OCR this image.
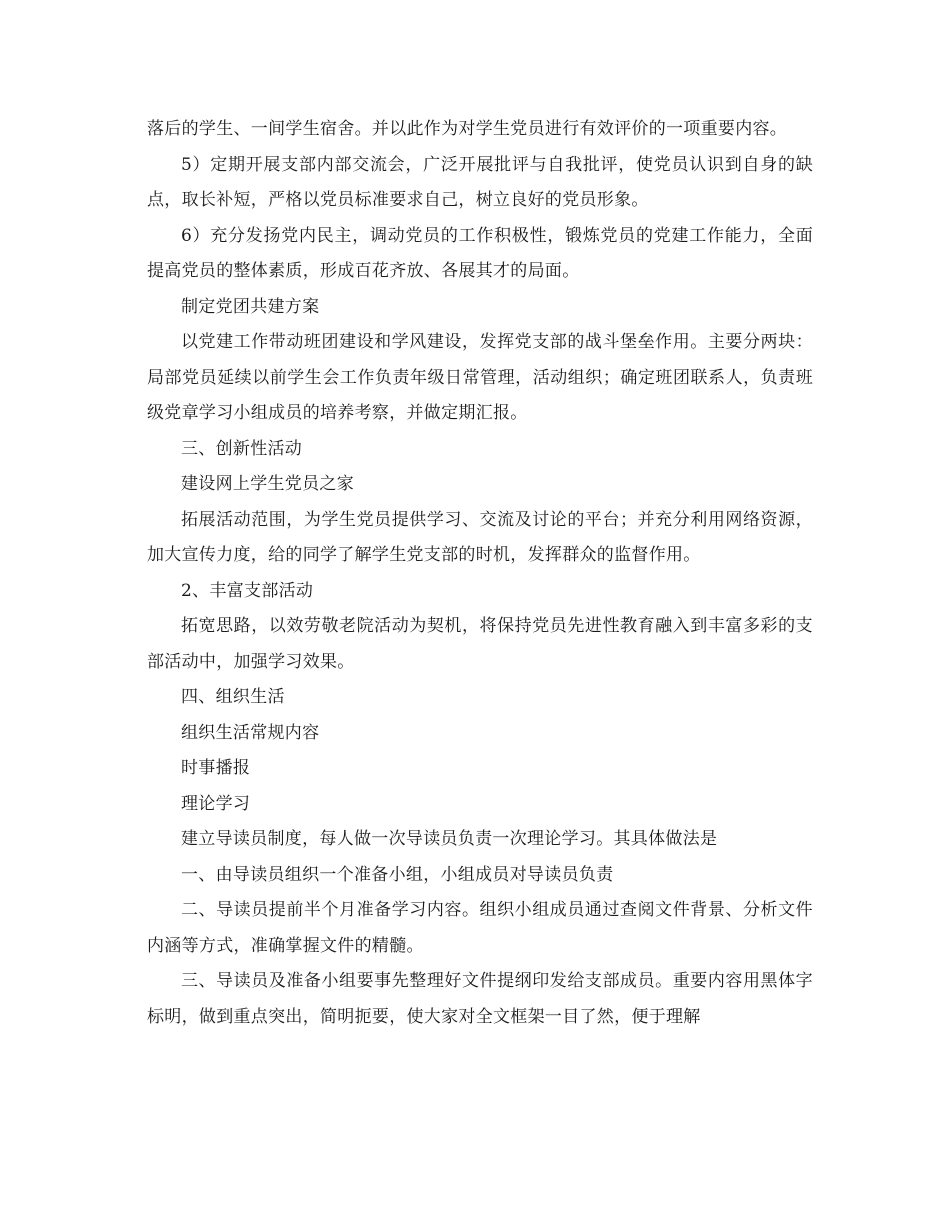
落后的学生、一间学生宿舍。并以此作为对学生党员进行有效评价的一项重要内容。

5）定期开展支部内部交流会，广泛开展批评与自我批评，使党员认识到自身的缺点，取长补短，严格以党员标准要求自己，树立良好的党员形象。

6）充分发扬党内民主，调动党员的工作积极性，锻炼党员的党建工作能力，全面提高党员的整体素质，形成百花齐放、各展其才的局面。

制定党团共建方案

以党建工作带动班团建设和学风建设，发挥党支部的战斗堡垒作用。主要分两块：局部党员延续以前学生会工作负责年级日常管理，活动组织；确定班团联系人，负责班级党章学习小组成员的培养考察，并做定期汇报。

三、创新性活动

建设网上学生党员之家

拓展活动范围，为学生党员提供学习、交流及讨论的平台；并充分利用网络资源，加大宣传力度，给的同学了解学生党支部的时机，发挥群众的监督作用。

2、丰富支部活动

拓宽思路，以效劳敬老院活动为契机，将保持党员先进性教育融入到丰富多彩的支部活动中，加强学习效果。

四、组织生活

组织生活常规内容

时事播报

理论学习

建立导读员制度，每人做一次导读员负责一次理论学习。其具体做法是

一、由导读员组织一个准备小组，小组成员对导读员负责

二、导读员提前半个月准备学习内容。组织小组成员通过查阅文件背景、分析文件内涵等方式，准确掌握文件的精髓。

三、导读员及准备小组要事先整理好文件提纲印发给支部成员。重要内容用黑体字标明，做到重点突出，简明扼要，使大家对全文框架一目了然，便于理解
